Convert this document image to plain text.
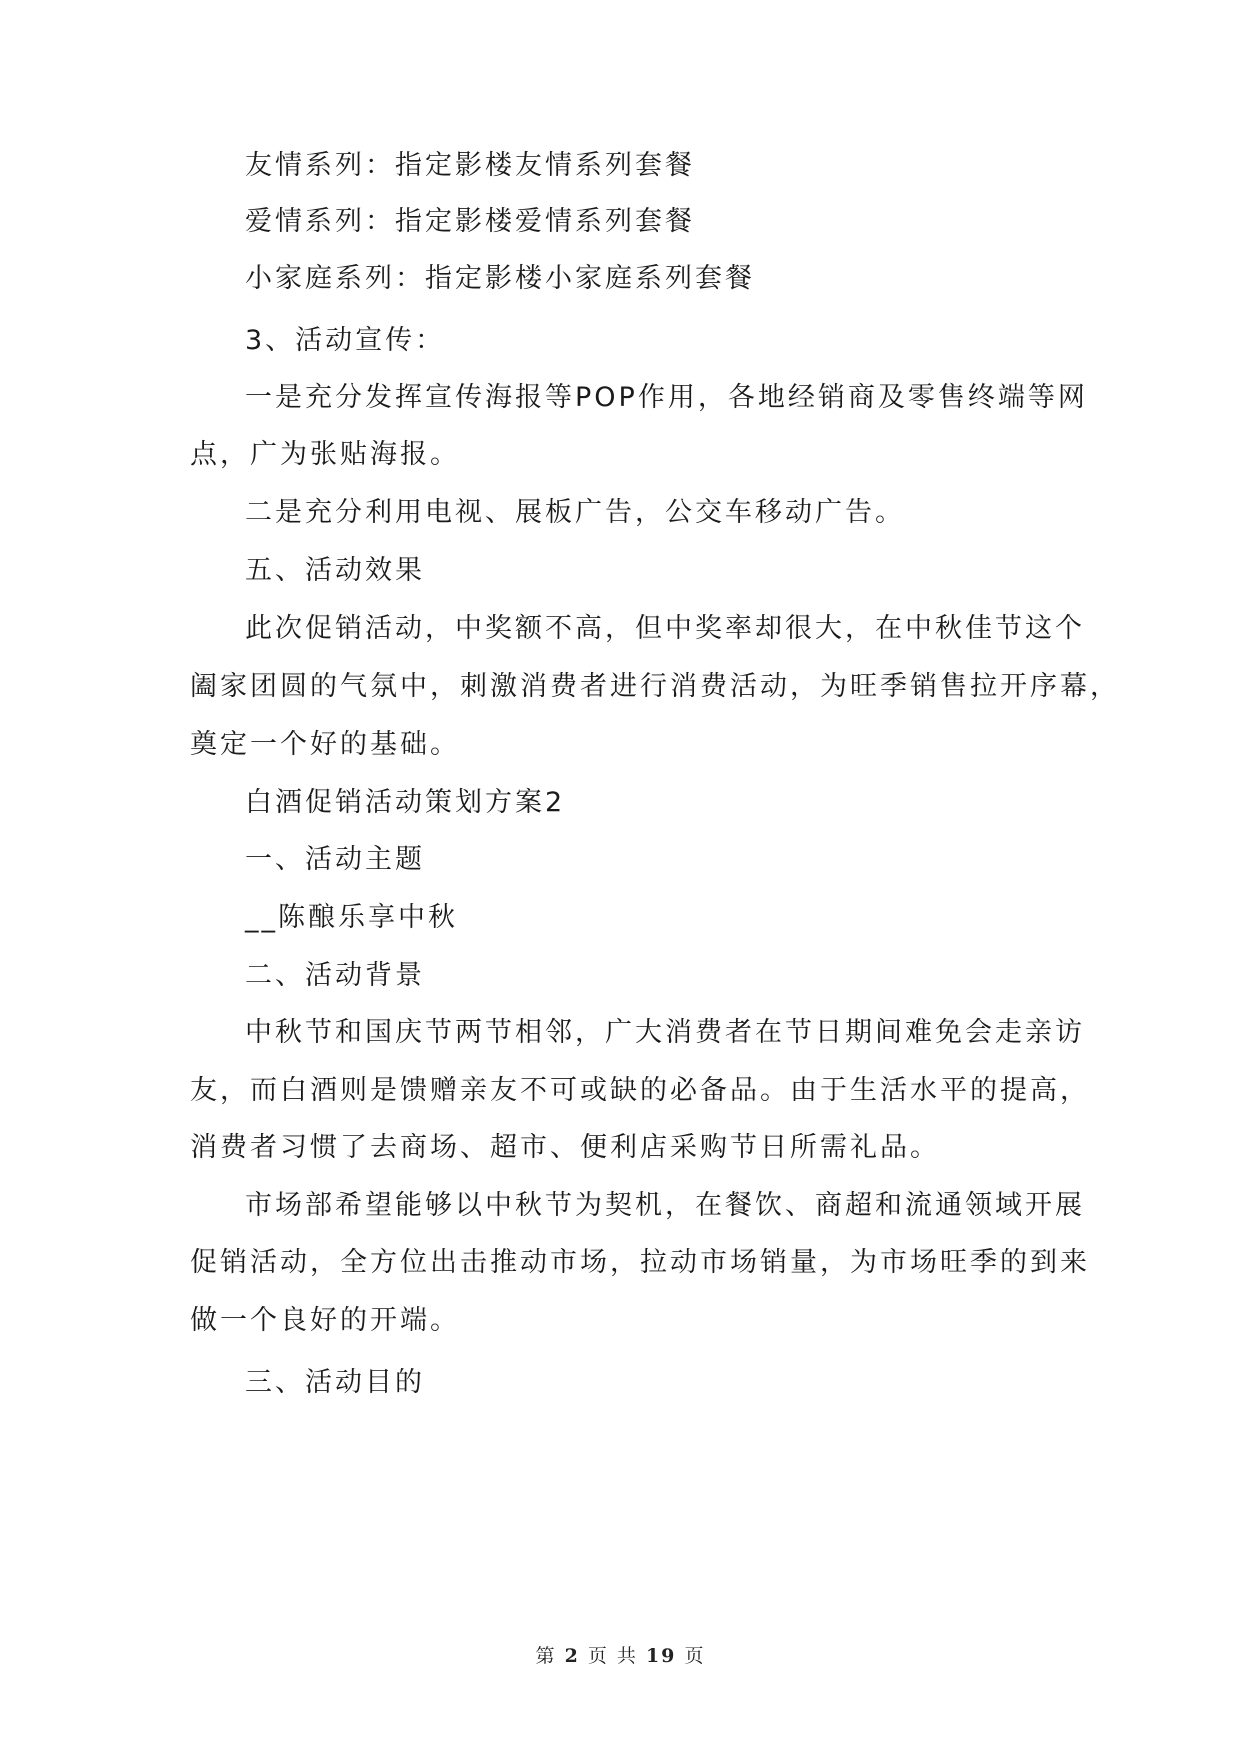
友情系列：指定影楼友情系列套餐
爱情系列：指定影楼爱情系列套餐
小家庭系列：指定影楼小家庭系列套餐
3、活动宣传：
一是充分发挥宣传海报等POP作用，各地经销商及零售终端等网
点，广为张贴海报。
二是充分利用电视、展板广告，公交车移动广告。
五、活动效果
此次促销活动，中奖额不高，但中奖率却很大，在中秋佳节这个
阖家团圆的气氛中，刺激消费者进行消费活动，为旺季销售拉开序幕，
奠定一个好的基础。
白酒促销活动策划方案2
一、活动主题
__陈酿乐享中秋
二、活动背景
中秋节和国庆节两节相邻，广大消费者在节日期间难免会走亲访
友，而白酒则是馈赠亲友不可或缺的必备品。由于生活水平的提高，
消费者习惯了去商场、超市、便利店采购节日所需礼品。
市场部希望能够以中秋节为契机，在餐饮、商超和流通领域开展
促销活动，全方位出击推动市场，拉动市场销量，为市场旺季的到来
做一个良好的开端。
三、活动目的
第 2 页 共 19 页
